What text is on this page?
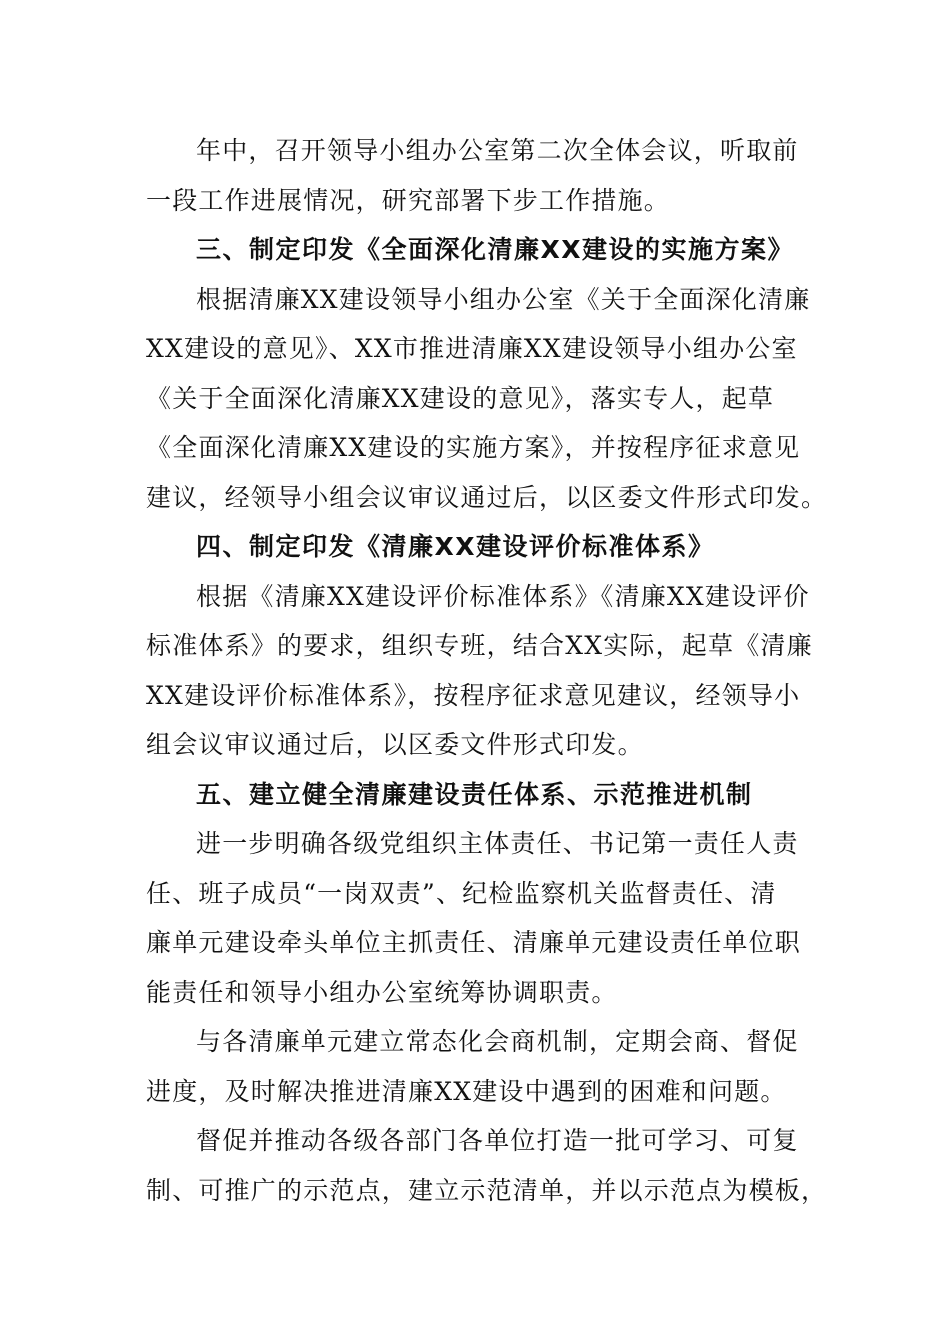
年中，召开领导小组办公室第二次全体会议，听取前
一段工作进展情况，研究部署下步工作措施。
三、制定印发《全面深化清廉XX建设的实施方案》
根据清廉XX建设领导小组办公室《关于全面深化清廉
XX建设的意见》、XX市推进清廉XX建设领导小组办公室
《关于全面深化清廉XX建设的意见》，落实专人，起草
《全面深化清廉XX建设的实施方案》，并按程序征求意见
建议，经领导小组会议审议通过后，以区委文件形式印发。
四、制定印发《清廉XX建设评价标准体系》
根据《清廉XX建设评价标准体系》《清廉XX建设评价
标准体系》的要求，组织专班，结合XX实际，起草《清廉
XX建设评价标准体系》，按程序征求意见建议，经领导小
组会议审议通过后，以区委文件形式印发。
五、建立健全清廉建设责任体系、示范推进机制
进一步明确各级党组织主体责任、书记第一责任人责
任、班子成员“一岗双责”、纪检监察机关监督责任、清
廉单元建设牵头单位主抓责任、清廉单元建设责任单位职
能责任和领导小组办公室统筹协调职责。
与各清廉单元建立常态化会商机制，定期会商、督促
进度，及时解决推进清廉XX建设中遇到的困难和问题。
督促并推动各级各部门各单位打造一批可学习、可复
制、可推广的示范点，建立示范清单，并以示范点为模板，
